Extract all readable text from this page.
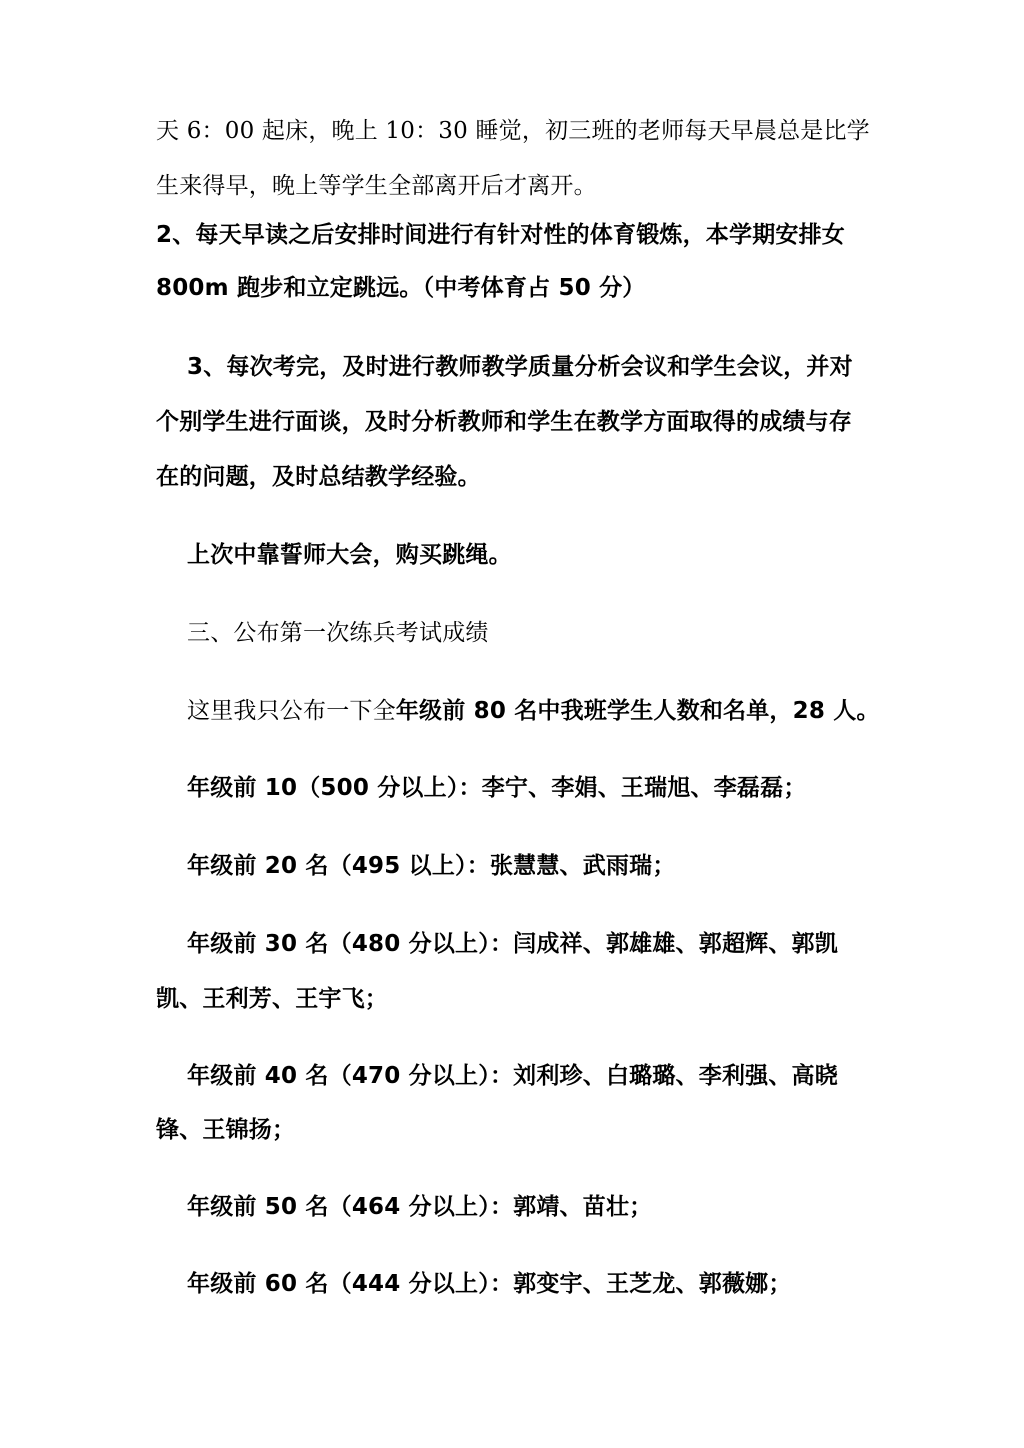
天 6：00 起床，晚上 10：30 睡觉，初三班的老师每天早晨总是比学
生来得早，晚上等学生全部离开后才离开。
2、每天早读之后安排时间进行有针对性的体育锻炼，本学期安排女
800m 跑步和立定跳远。（中考体育占 50 分）
3、每次考完，及时进行教师教学质量分析会议和学生会议，并对
个别学生进行面谈，及时分析教师和学生在教学方面取得的成绩与存
在的问题，及时总结教学经验。
上次中靠誓师大会，购买跳绳。
三、公布第一次练兵考试成绩
这里我只公布一下全年级前 80 名中我班学生人数和名单，28 人。
年级前 10（500 分以上）：李宁、李娟、王瑞旭、李磊磊；
年级前 20 名（495 以上）：张慧慧、武雨瑞；
年级前 30 名（480 分以上）：闫成祥、郭雄雄、郭超辉、郭凯
凯、王利芳、王宇飞；
年级前 40 名（470 分以上）：刘利珍、白璐璐、李利强、高晓
锋、王锦扬；
年级前 50 名（464 分以上）：郭靖、苗壮；
年级前 60 名（444 分以上）：郭变宇、王芝龙、郭薇娜；
